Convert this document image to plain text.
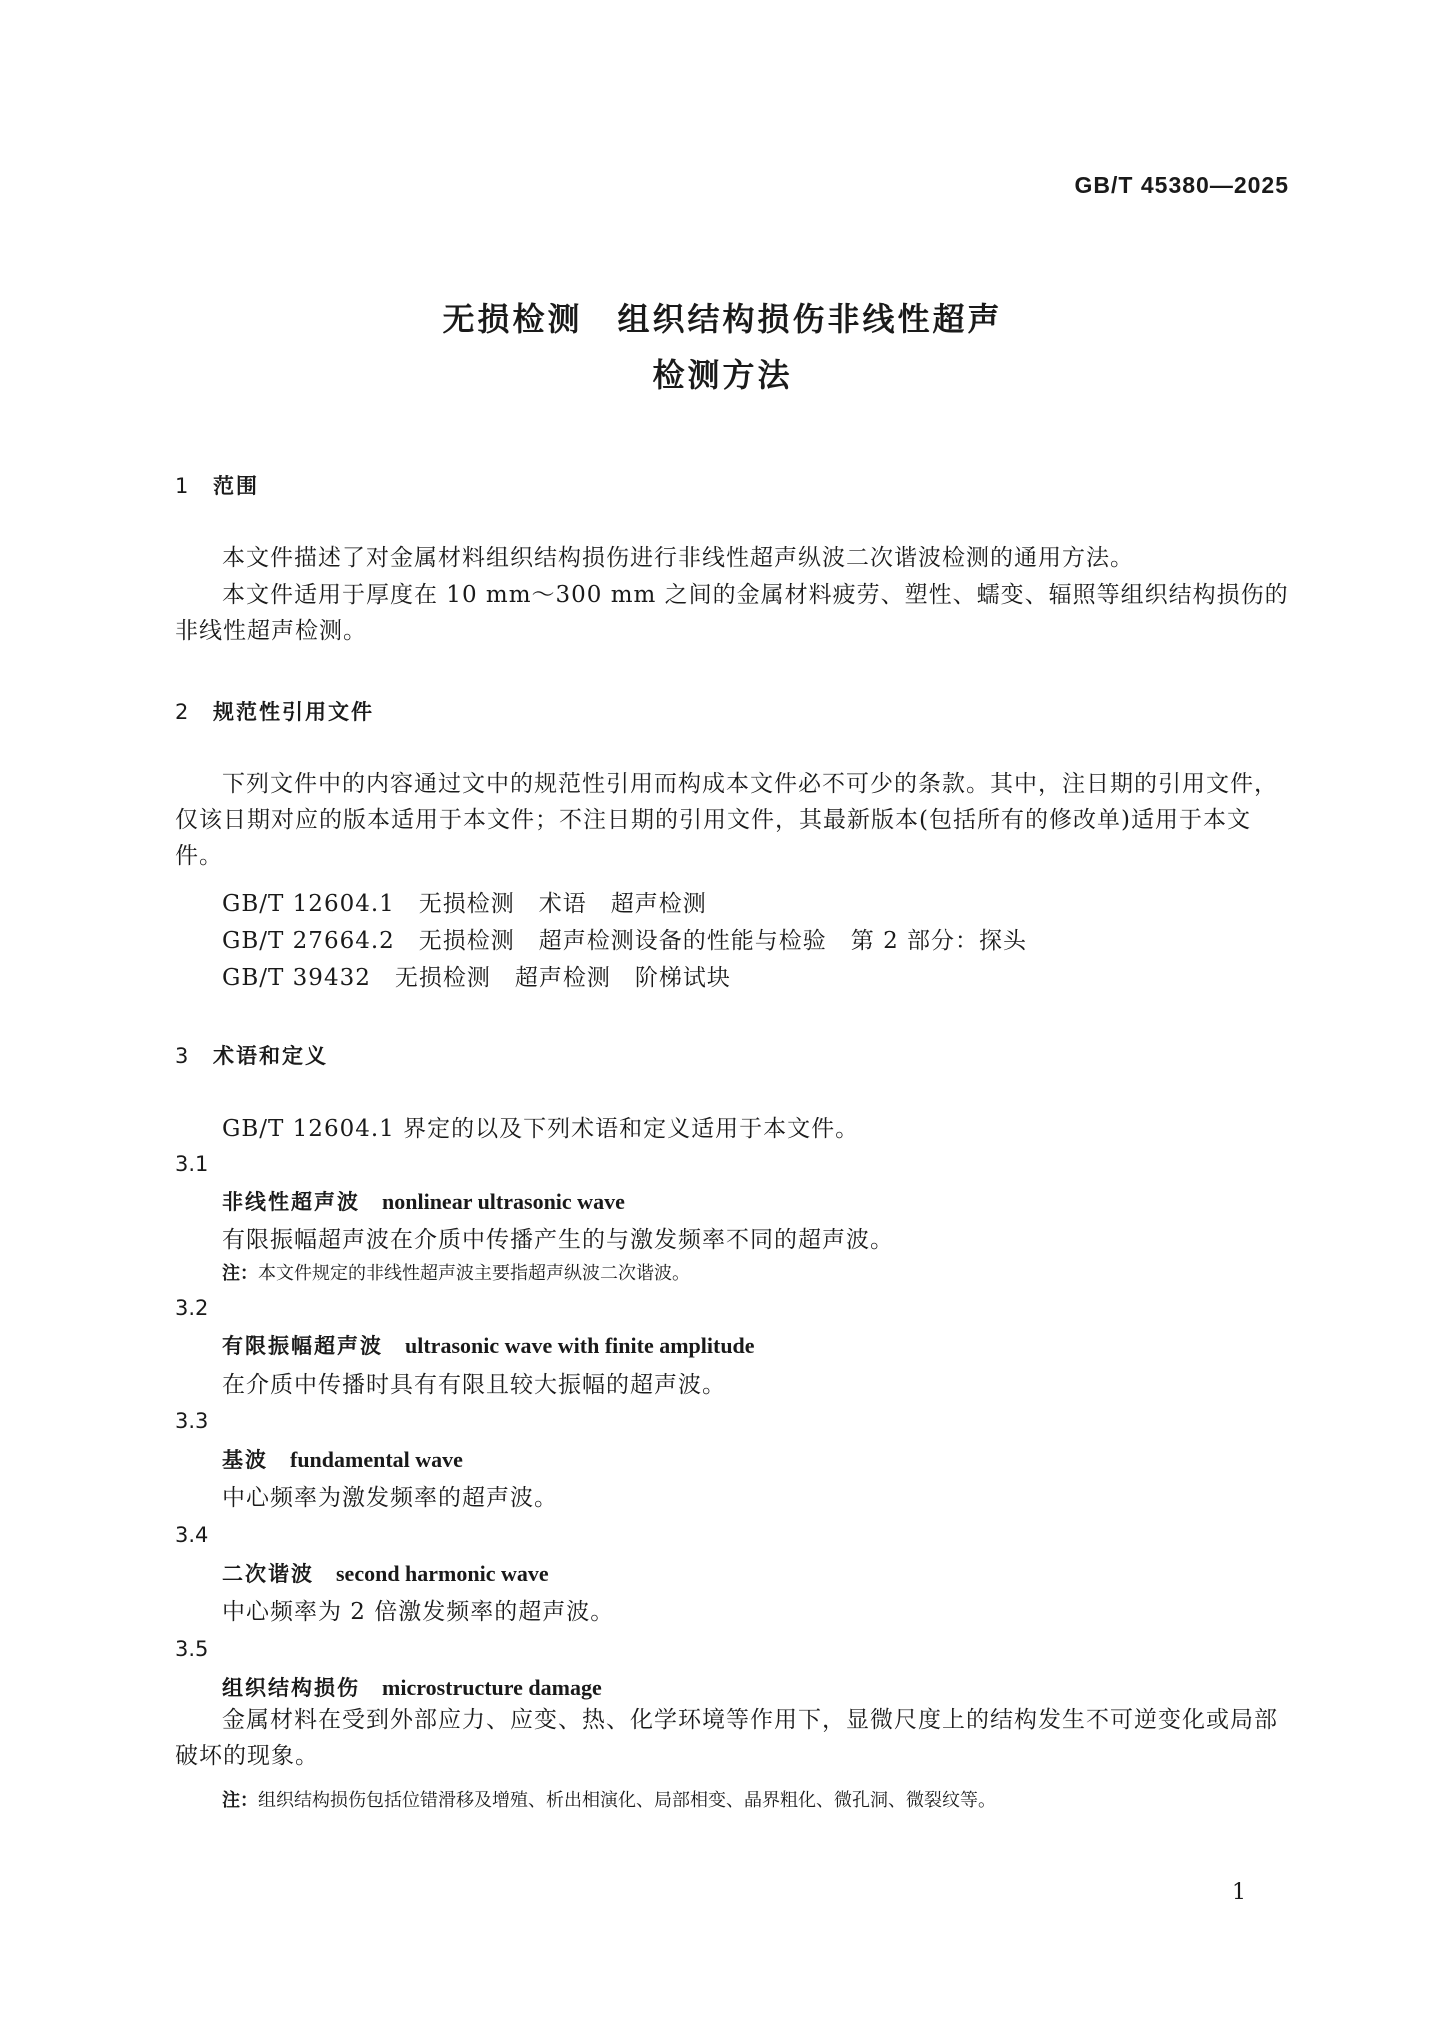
GB/T 45380—2025
无损检测　组织结构损伤非线性超声
检测方法
1 范围
本文件描述了对金属材料组织结构损伤进行非线性超声纵波二次谐波检测的通用方法。
本文件适用于厚度在 10 mm～300 mm 之间的金属材料疲劳、塑性、蠕变、辐照等组织结构损伤的非线性超声检测。
2 规范性引用文件
下列文件中的内容通过文中的规范性引用而构成本文件必不可少的条款。其中，注日期的引用文件，仅该日期对应的版本适用于本文件；不注日期的引用文件，其最新版本(包括所有的修改单)适用于本文件。
GB/T 12604.1　无损检测　术语　超声检测
GB/T 27664.2　无损检测　超声检测设备的性能与检验　第 2 部分：探头
GB/T 39432　无损检测　超声检测　阶梯试块
3 术语和定义
GB/T 12604.1 界定的以及下列术语和定义适用于本文件。
3.1
非线性超声波 nonlinear ultrasonic wave
有限振幅超声波在介质中传播产生的与激发频率不同的超声波。
注：本文件规定的非线性超声波主要指超声纵波二次谐波。
3.2
有限振幅超声波 ultrasonic wave with finite amplitude
在介质中传播时具有有限且较大振幅的超声波。
3.3
基波 fundamental wave
中心频率为激发频率的超声波。
3.4
二次谐波 second harmonic wave
中心频率为 2 倍激发频率的超声波。
3.5
组织结构损伤 microstructure damage
金属材料在受到外部应力、应变、热、化学环境等作用下，显微尺度上的结构发生不可逆变化或局部破坏的现象。
注：组织结构损伤包括位错滑移及增殖、析出相演化、局部相变、晶界粗化、微孔洞、微裂纹等。
1
